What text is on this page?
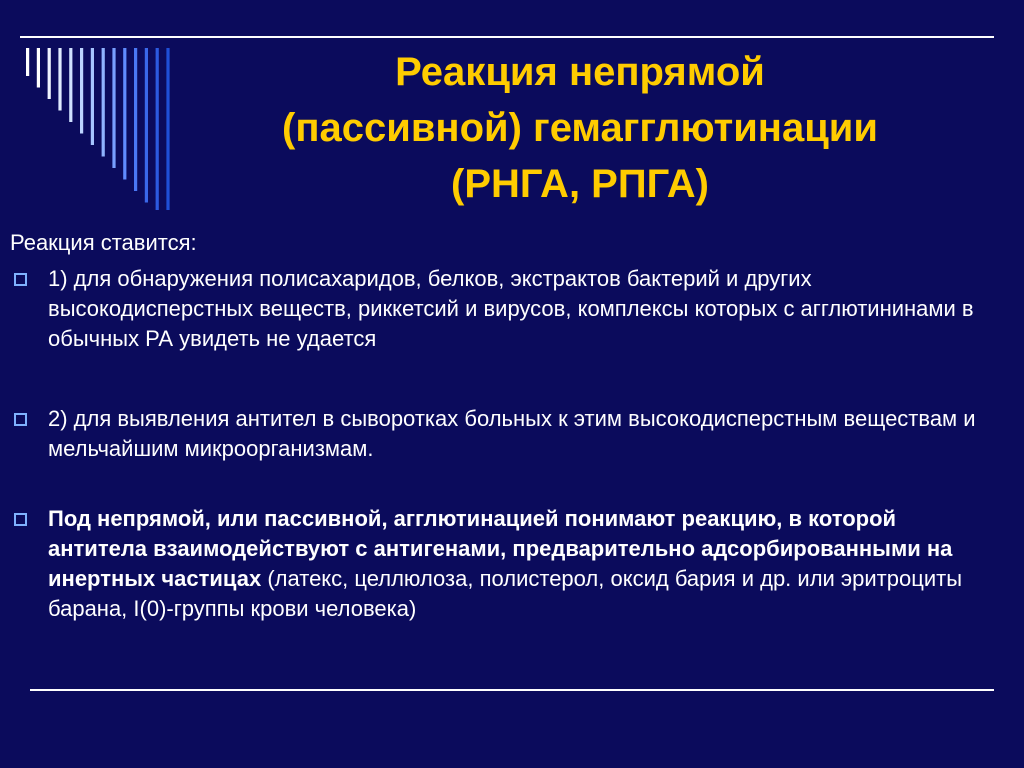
Реакция непрямой
(пассивной) гемагглютинации
(РНГА, РПГА)

Реакция ставится:

1) для обнаружения полисахаридов, белков, экстрактов бактерий и других высокодисперстных веществ, риккетсий и вирусов, комплексы которых с агглютининами в обычных РА увидеть не удается

2) для выявления антител в сыворотках больных к этим высокодисперстным веществам и мельчайшим микроорганизмам.

Под непрямой, или пассивной, агглютинацией понимают реакцию, в которой антитела взаимодействуют с антигенами, предварительно адсорбированными на инертных частицах (латекс, целлюлоза, полистерол, оксид бария и др. или эритроциты барана, I(0)-группы крови человека)
